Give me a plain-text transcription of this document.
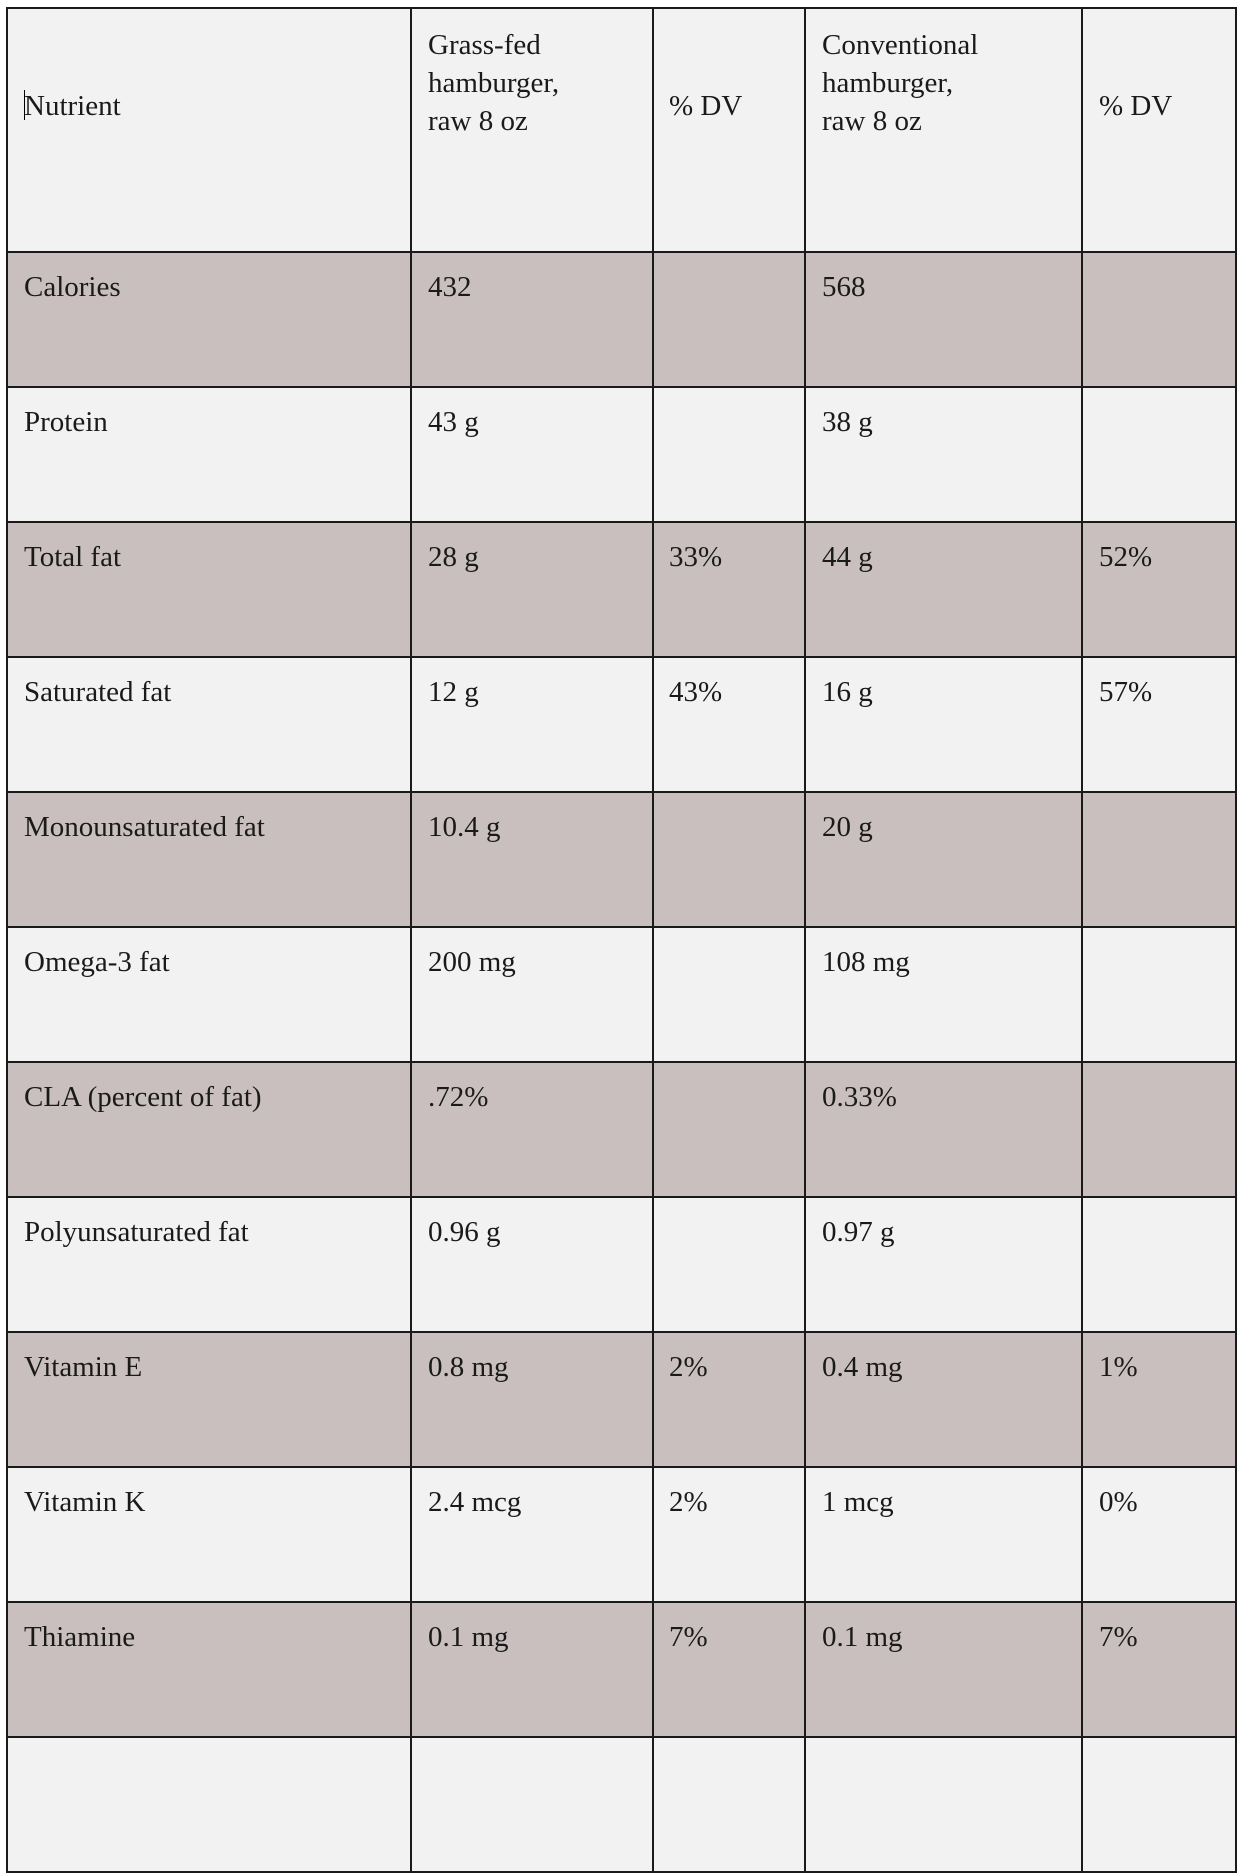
Nutrient	Grass-fed
hamburger,
raw 8 oz	% DV	Conventional
hamburger,
raw 8 oz	% DV

Calories	432		568	

Protein	43 g		38 g	

Total fat	28 g	33%	44 g	52%

Saturated fat	12 g	43%	16 g	57%

Monounsaturated fat	10.4 g		20 g	

Omega-3 fat	200 mg		108 mg	

CLA (percent of fat)	.72%		0.33%	

Polyunsaturated fat	0.96 g		0.97 g	

Vitamin E	0.8 mg	2%	0.4 mg	1%

Vitamin K	2.4 mcg	2%	1 mcg	0%

Thiamine	0.1 mg	7%	0.1 mg	7%
